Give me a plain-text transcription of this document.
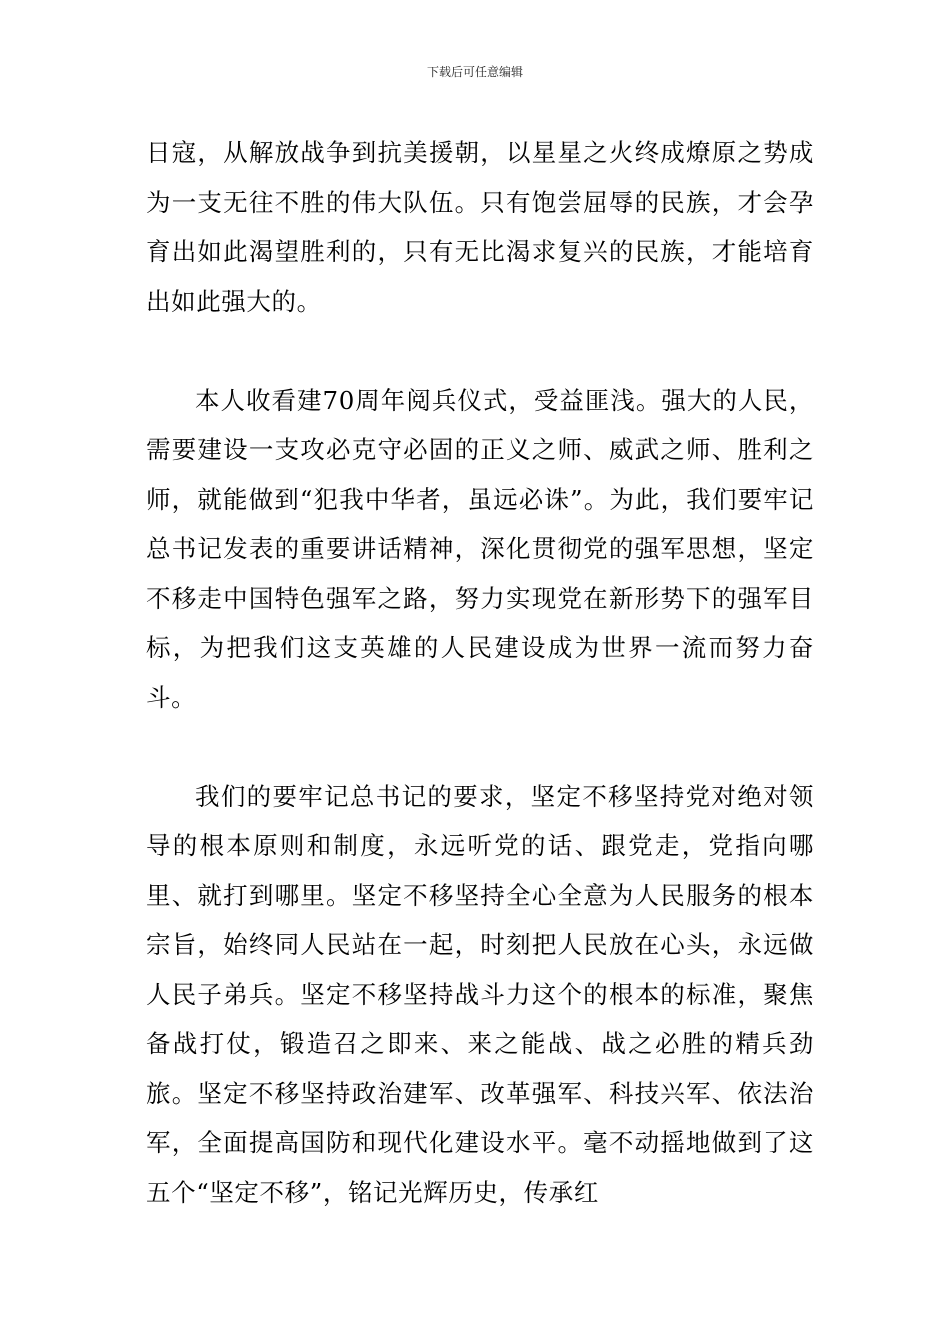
下载后可任意编辑

日寇，从解放战争到抗美援朝，以星星之火终成燎原之势成为一支无往不胜的伟大队伍。只有饱尝屈辱的民族，才会孕育出如此渴望胜利的，只有无比渴求复兴的民族，才能培育出如此强大的。

本人收看建70周年阅兵仪式，受益匪浅。强大的人民，需要建设一支攻必克守必固的正义之师、威武之师、胜利之师，就能做到“犯我中华者，虽远必诛”。为此，我们要牢记总书记发表的重要讲话精神，深化贯彻党的强军思想，坚定不移走中国特色强军之路，努力实现党在新形势下的强军目标，为把我们这支英雄的人民建设成为世界一流而努力奋斗。

我们的要牢记总书记的要求，坚定不移坚持党对绝对领导的根本原则和制度，永远听党的话、跟党走，党指向哪里、就打到哪里。坚定不移坚持全心全意为人民服务的根本宗旨，始终同人民站在一起，时刻把人民放在心头，永远做人民子弟兵。坚定不移坚持战斗力这个的根本的标准，聚焦备战打仗，锻造召之即来、来之能战、战之必胜的精兵劲旅。坚定不移坚持政治建军、改革强军、科技兴军、依法治军，全面提高国防和现代化建设水平。毫不动摇地做到了这五个“坚定不移”，铭记光辉历史，传承红
